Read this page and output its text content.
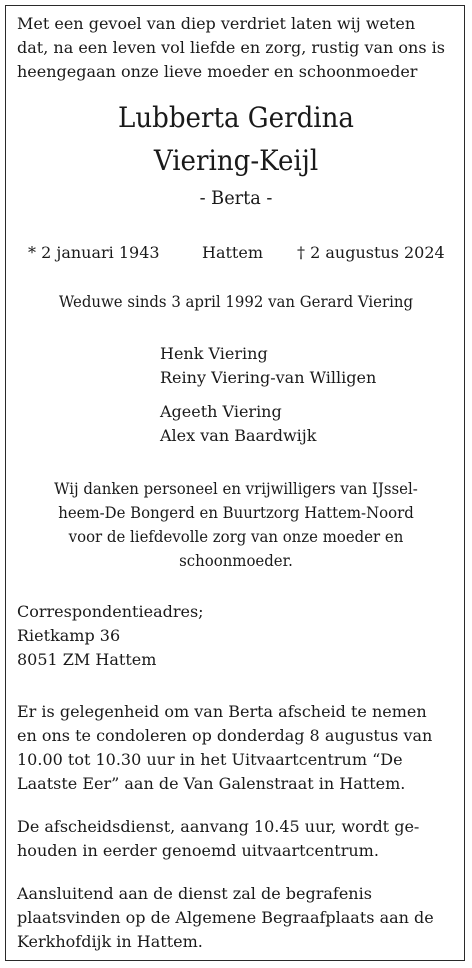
Met een gevoel van diep verdriet laten wij weten
dat, na een leven vol liefde en zorg, rustig van ons is
heengegaan onze lieve moeder en schoonmoeder
Lubberta Gerdina
Viering-Keijl
- Berta -
* 2 januari 1943	Hattem † 2 augustus 2024
Weduwe sinds 3 april 1992 van Gerard Viering
Henk Viering
Reiny Viering-van Willigen
Ageeth Viering
Alex van Baardwijk
Wij danken personeel en vrijwilligers van IJssel-
heem-De Bongerd en Buurtzorg Hattem-Noord
voor de liefdevolle zorg van onze moeder en
schoonmoeder.
Correspondentieadres;
Rietkamp 36
8051 ZM Hattem
Er is gelegenheid om van Berta afscheid te nemen
en ons te condoleren op donderdag 8 augustus van
10.00 tot 10.30 uur in het Uitvaartcentrum “De
Laatste Eer” aan de Van Galenstraat in Hattem.
De afscheidsdienst, aanvang 10.45 uur, wordt ge-
houden in eerder genoemd uitvaartcentrum.
Aansluitend aan de dienst zal de begrafenis
plaatsvinden op de Algemene Begraafplaats aan de
Kerkhofdijk in Hattem.
